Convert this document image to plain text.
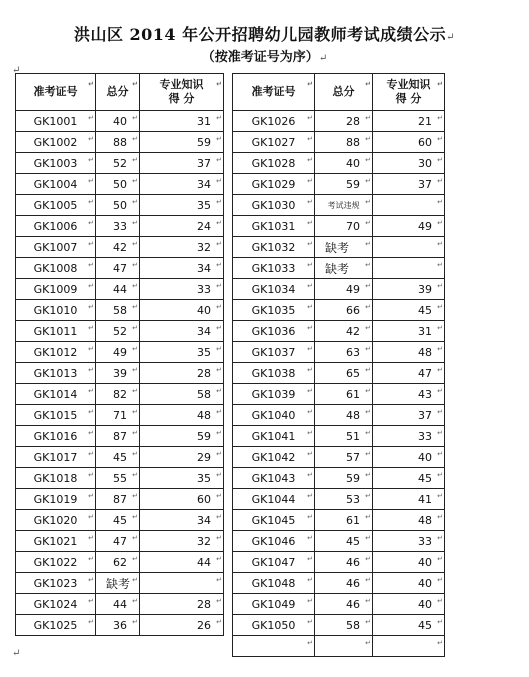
洪山区 2014 年公开招聘幼儿园教师考试成绩公示↵
（按准考证号为序）↵
↵
↵
准考证号
↵	总分
↵	专业知识
得 分
↵

GK1001 ↵	40 ↵	31 ↵

GK1002 ↵	88 ↵	59 ↵

GK1003 ↵	52 ↵	37 ↵

GK1004 ↵	50 ↵	34 ↵

GK1005 ↵	50 ↵	35 ↵

GK1006 ↵	33 ↵	24 ↵

GK1007 ↵	42 ↵	32 ↵

GK1008 ↵	47 ↵	34 ↵

GK1009 ↵	44 ↵	33 ↵

GK1010 ↵	58 ↵	40 ↵

GK1011 ↵	52 ↵	34 ↵

GK1012 ↵	49 ↵	35 ↵

GK1013 ↵	39 ↵	28 ↵

GK1014 ↵	82 ↵	58 ↵

GK1015 ↵	71 ↵	48 ↵

GK1016 ↵	87 ↵	59 ↵

GK1017 ↵	45 ↵	29 ↵

GK1018 ↵	55 ↵	35 ↵

GK1019 ↵	87 ↵	60 ↵

GK1020 ↵	45 ↵	34 ↵

GK1021 ↵	47 ↵	32 ↵

GK1022 ↵	62 ↵	44 ↵

GK1023 ↵	缺考 ↵	↵

GK1024 ↵	44 ↵	28 ↵

GK1025 ↵	36 ↵	26 ↵
准考证号
↵	总分
↵	专业知识
得 分
↵

GK1026 ↵	28 ↵	21 ↵

GK1027 ↵	88 ↵	60 ↵

GK1028 ↵	40 ↵	30 ↵

GK1029 ↵	59 ↵	37 ↵

GK1030 ↵	考试违规 ↵	↵

GK1031 ↵	70 ↵	49 ↵

GK1032 ↵	缺考 ↵	↵

GK1033 ↵	缺考 ↵	↵

GK1034 ↵	49 ↵	39 ↵

GK1035 ↵	66 ↵	45 ↵

GK1036 ↵	42 ↵	31 ↵

GK1037 ↵	63 ↵	48 ↵

GK1038 ↵	65 ↵	47 ↵

GK1039 ↵	61 ↵	43 ↵

GK1040 ↵	48 ↵	37 ↵

GK1041 ↵	51 ↵	33 ↵

GK1042 ↵	57 ↵	40 ↵

GK1043 ↵	59 ↵	45 ↵

GK1044 ↵	53 ↵	41 ↵

GK1045 ↵	61 ↵	48 ↵

GK1046 ↵	45 ↵	33 ↵

GK1047 ↵	46 ↵	40 ↵

GK1048 ↵	46 ↵	40 ↵

GK1049 ↵	46 ↵	40 ↵

GK1050 ↵	58 ↵	45 ↵

↵	↵	↵
